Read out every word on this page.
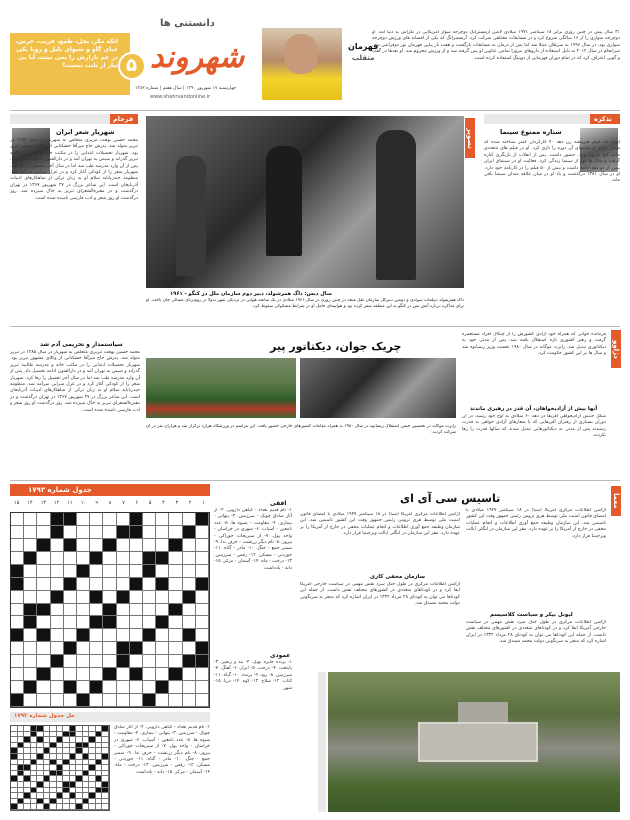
آنکه مکر، بخل، طمع، فریب، خرس، حیای گاو و شیوای بلبل و روبا یکی در غم نازارش را نمی بینند، آیا بی نیاز از ثابت نیست؟
دانستنی ها
۵ شهروند
چهارشنبه ۱۷ شهریور ۱۳۹۰ | سال هفتم | شماره ۱۳۸۲
www.shahrvandonline.ir
قهرمان
متقلب
۳۱ سال پیش در چنین روزی برابر ۱۸ سپتامبر ۱۹۷۱ میلادی لانس آرمسترانگ دوچرخه سوار آمریکایی در تگزاس به دنیا آمد. او دوچرخه سواری را از ۱۶ سالگی شروع کرد و در مسابقات مختلفی شرکت کرد. آرمسترانگ که یکی از افسانه های ورزش دوچرخه سواری بود، در سال ۱۹۹۶ به سرطان مبتلا شد اما پس از درمان به مسابقات بازگشت و هفت بار پیاپی قهرمان تور دوفرانس شد. سرانجام در سال ۲۰۱۲ به دلیل استفاده از داروهای نیروزا تمامی عناوین او پس گرفته شد و از ورزش محروم شد. او بعدها در گفت و گویی اعتراف کرد که در تمام دوران قهرمانی از دوپینگ استفاده کرده است.
فرجام
شهریار شعر ایران
محمد حسین بهجت تبریزی متخلص به شهریار در سال ۱۲۸۵ در تبریز متولد شد. پدرش حاج میرآقا خشکنابی از وکلای مشهور تبریز بود. شهریار تحصیلات ابتدایی را در مکتب خانه و مدرسه طالبیه تبریز گذراند و سپس به تهران آمد و در دارالفنون ادامه تحصیل داد. پس از آن وارد مدرسه طب شد اما در سال آخر تحصیل را رها کرد. شهریار شعر را از کودکی آغاز کرد و در غزل سرایی سرآمد شد. منظومه حیدربابایه سلام او به زبان ترکی از شاهکارهای ادبیات آذربایجان است. این شاعر بزرگ در ۲۷ شهریور ۱۳۶۷ در تهران درگذشت و در مقبرةالشعرای تبریز به خاک سپرده شد. روز درگذشت او روز شعر و ادب فارسی نامیده شده است.
تصویر
سال دیس: داگ همرشولد، دبیر دوم سازمان ملل در کنگو - ۱۹۶۱
داگ همرشولد دیپلمات سوئدی و دومین دبیرکل سازمان ملل متحد در چنین روزی در سال ۱۹۶۱ میلادی در یک سانحه هوایی در نزدیکی شهر ندولا در روودزیای شمالی جان باخت. او برای مذاکره درباره آتش بس در کنگو به این منطقه سفر کرده بود و هواپیمای حامل او در شرایط مشکوکی سقوط کرد.
تذکره
ستاره ممنوع سینما
ایرنه کنه فیلم هنرپیشه زن دهه ۴۰ کارگردان کمتر شناخته شده که شمار زیادی از فیلمهای آن دوره را بازی کرد. او در فیلم های متعددی مانند گنج قارون و ... حضور داشت. پس از انقلاب از بازیگری کناره گرفت و سال ها دور از سینما زندگی کرد. فعالیت او در سینمای ایران بیش از دو دهه ادامه داشت و بیش از ۵۰ فیلم را در کارنامه خود دارد. او در سال ۱۳۸۱ درگذشت و یاد او در میان علاقه مندان سینما باقی ماند.
دژاوو
فرمانده جوانی که همراه خود آزادی کشورش را از چنگال افراد مستعمره گرفت و رهبر کشوری تازه استقلال یافته شد، پس از مدتی خود به دیکتاتوری تبدیل شد. رابرت موگابه در سال ۱۹۸۰ نخست وزیر زیمبابوه شد و سال ها بر این کشور حکومت کرد.
آنها بیش از آزادیخواهان، آن قدر در رهبری ماندند
شکل جنبش آزادیخواهی آفریقا در دهه ۶۰ میلادی به اوج خود رسید. در آن دوران بسیاری از رهبران آفریقایی که با شعارهای آزادی خواهی به قدرت رسیدند پس از مدتی به دیکتاتورهایی تبدیل شدند که سالها قدرت را رها نکردند.
چریک جوان، دیکتاتور پیر
رابرت موگابه در نخستین جشن استقلال زیمبابوه در سال ۱۹۸۰ به همراه مقامات کشورهای خارجی حضور یافت. این مراسم در ورزشگاه هراره برگزار شد و هزاران نفر در آن شرکت کردند.
سیاستمدار و تحریمی آدم شد
محمد حسین بهجت تبریزی متخلص به شهریار در سال ۱۲۸۵ در تبریز متولد شد. پدرش حاج میرآقا خشکنابی از وکلای مشهور تبریز بود. شهریار تحصیلات ابتدایی را در مکتب خانه و مدرسه طالبیه تبریز گذراند و سپس به تهران آمد و در دارالفنون ادامه تحصیل داد. پس از آن وارد مدرسه طب شد اما در سال آخر تحصیل را رها کرد. شهریار شعر را از کودکی آغاز کرد و در غزل سرایی سرآمد شد. منظومه حیدربابایه سلام او به زبان ترکی از شاهکارهای ادبیات آذربایجان است. این شاعر بزرگ در ۲۷ شهریور ۱۳۶۷ در تهران درگذشت و در مقبرةالشعرای تبریز به خاک سپرده شد. روز درگذشت او روز شعر و ادب فارسی نامیده شده است.
جدول شماره ۱۷۹۳
۱
۲
۳
۴
۵
۶
۷
۸
۹
۱۰
۱۱
۱۲
۱۳
۱۴
۱۵	افقی
۱- نام قدیم بغداد - گیاهی دارویی. ۲- از آثار صادق چوبک - سرزمین. ۳- پنهانی - بیماری. ۴- مقاومت - شیوه ها. ۵- عدد نامعین - آسیاب. ۶- شهری در خراسان - واحد پول. ۷- از سبزیجات خوراکی - پیروز. ۸- نام دیگر زرتشت - حرف ندا. ۹- ضمیر جمع - جنگ. ۱۰- مادر - گناه. ۱۱- خوردنی - مسکن. ۱۲- رقص - سرزمین. ۱۳- درخت - ماه. ۱۴- آسمان - مرکز. ۱۵- دانه - یادداشت
عمودی
۱- برنده جایزه نوبل. ۲- بند و زنجیر. ۳- پایتخت. ۴- درخت. ۵- ابزار. ۶- آهنگ. ۷- سرزمین. ۸- رود. ۹- پرنده. ۱۰- گیاه. ۱۱- کتاب. ۱۲- سلاح. ۱۳- کوه. ۱۴- دریا. ۱۵- شهر
حل جدول شماره ۱۷۹۲
۱- نام قدیم بغداد - گیاهی دارویی. ۲- از آثار صادق چوبک - سرزمین. ۳- پنهانی - بیماری. ۴- مقاومت - شیوه ها. ۵- عدد نامعین - آسیاب. ۶- شهری در خراسان - واحد پول. ۷- از سبزیجات خوراکی - پیروز. ۸- نام دیگر زرتشت - حرف ندا. ۹- ضمیر جمع - جنگ. ۱۰- مادر - گناه. ۱۱- خوردنی - مسکن. ۱۲- رقص - سرزمین. ۱۳- درخت - ماه. ۱۴- آسمان - مرکز. ۱۵- دانه - یادداشت
معما
تاسیس سی آی ای
آژانس اطلاعات مرکزی آمریکا (سیا) در ۱۸ سپتامبر ۱۹۴۷ میلادی با امضای قانون امنیت ملی توسط هری ترومن رئیس جمهور وقت این کشور تاسیس شد. این سازمان وظیفه جمع آوری اطلاعات و انجام عملیات مخفی در خارج از آمریکا را بر عهده دارد. مقر این سازمان در لنگلی ایالت ویرجینیا قرار دارد.
سازمان مخفی کاری
آژانس اطلاعات مرکزی در طول جنگ سرد نقش مهمی در سیاست خارجی آمریکا ایفا کرد و در کودتاهای متعددی در کشورهای مختلف نقش داشت. از جمله این کودتاها می توان به کودتای ۲۸ مرداد ۱۳۳۲ در ایران اشاره کرد که منجر به سرنگونی دولت محمد مصدق شد.
آژانس اطلاعات مرکزی آمریکا (سیا) در ۱۸ سپتامبر ۱۹۴۷ میلادی با امضای قانون امنیت ملی توسط هری ترومن رئیس جمهور وقت این کشور تاسیس شد. این سازمان وظیفه جمع آوری اطلاعات و انجام عملیات مخفی در خارج از آمریکا را بر عهده دارد. مقر این سازمان در لنگلی ایالت ویرجینیا قرار دارد.
لیونل بیکر و سیاست کلاسیسم
آژانس اطلاعات مرکزی در طول جنگ سرد نقش مهمی در سیاست خارجی آمریکا ایفا کرد و در کودتاهای متعددی در کشورهای مختلف نقش داشت. از جمله این کودتاها می توان به کودتای ۲۸ مرداد ۱۳۳۲ در ایران اشاره کرد که منجر به سرنگونی دولت محمد مصدق شد.
